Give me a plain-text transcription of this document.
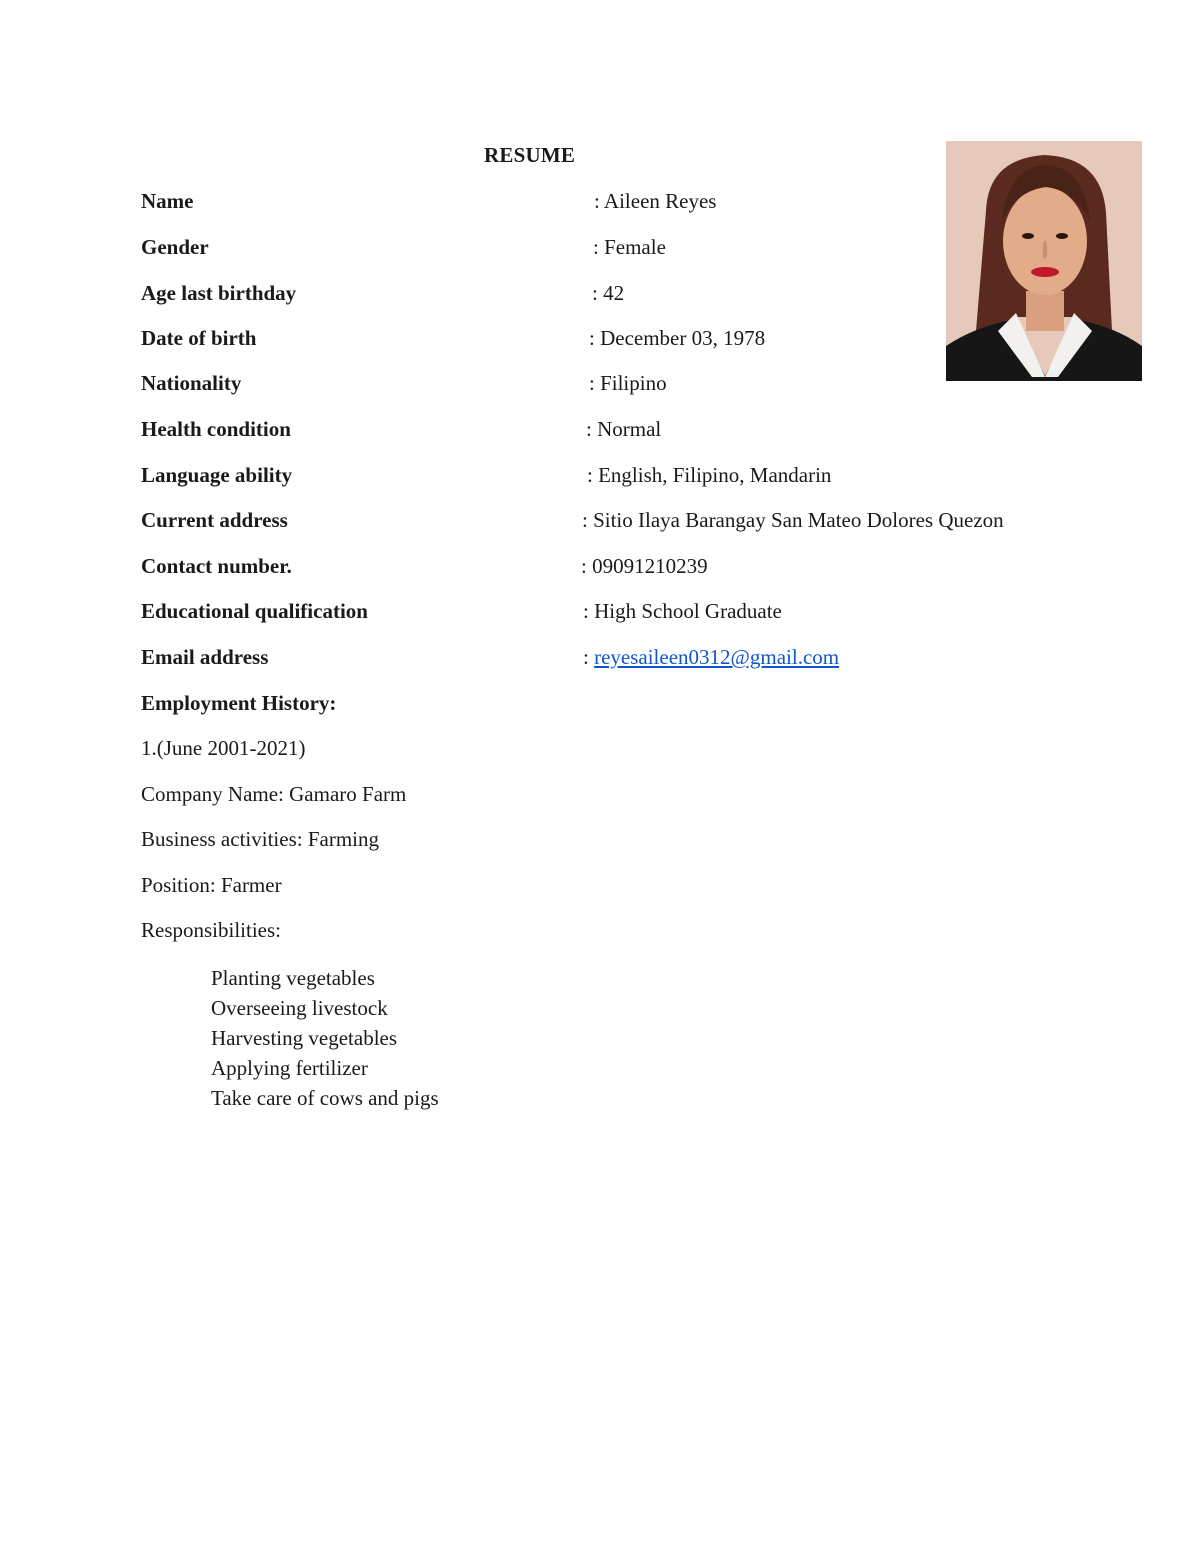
RESUME
Name	: Aileen Reyes
Gender	: Female
Age last birthday	: 42
Date of birth	: December 03, 1978
Nationality	: Filipino
Health condition	: Normal
Language ability	: English, Filipino, Mandarin
Current address	: Sitio Ilaya Barangay San Mateo Dolores Quezon
Contact number.	: 09091210239
Educational qualification	: High School Graduate
Email address	: reyesaileen0312@gmail.com
Employment History:
1.(June 2001-2021)
Company Name: Gamaro Farm
Business activities: Farming
Position: Farmer
Responsibilities:
Planting vegetables
Overseeing livestock
Harvesting vegetables
Applying fertilizer
Take care of cows and pigs
